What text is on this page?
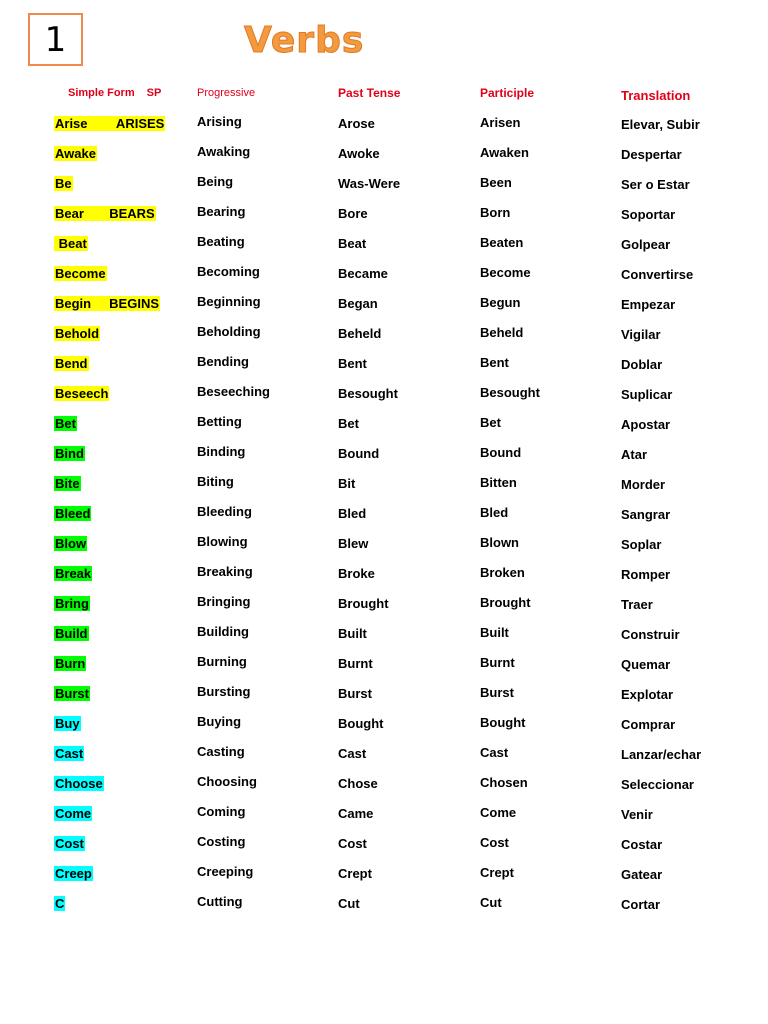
1	Verbs
Simple Form SP	Progressive	Past Tense	Participle	Translation
Arise        ARISES	Arising	Arose	Arisen	Elevar, Subir
Awake	Awaking	Awoke	Awaken	Despertar
Be	Being	Was-Were	Been	Ser o Estar
Bear       BEARS	Bearing	Bore	Born	Soportar
Beat	Beating	Beat	Beaten	Golpear
Become	Becoming	Became	Become	Convertirse
Begin     BEGINS	Beginning	Began	Begun	Empezar
Behold	Beholding	Beheld	Beheld	Vigilar
Bend	Bending	Bent	Bent	Doblar
Beseech	Beseeching	Besought	Besought	Suplicar
Bet	Betting	Bet	Bet	Apostar
Bind	Binding	Bound	Bound	Atar
Bite	Biting	Bit	Bitten	Morder
Bleed	Bleeding	Bled	Bled	Sangrar
Blow	Blowing	Blew	Blown	Soplar
Break	Breaking	Broke	Broken	Romper
Bring	Bringing	Brought	Brought	Traer
Build	Building	Built	Built	Construir
Burn	Burning	Burnt	Burnt	Quemar
Burst	Bursting	Burst	Burst	Explotar
Buy	Buying	Bought	Bought	Comprar
Cast	Casting	Cast	Cast	Lanzar/echar
Choose	Choosing	Chose	Chosen	Seleccionar
Come	Coming	Came	Come	Venir
Cost	Costing	Cost	Cost	Costar
Creep	Creeping	Crept	Crept	Gatear
C	Cutting	Cut	Cut	Cortar
